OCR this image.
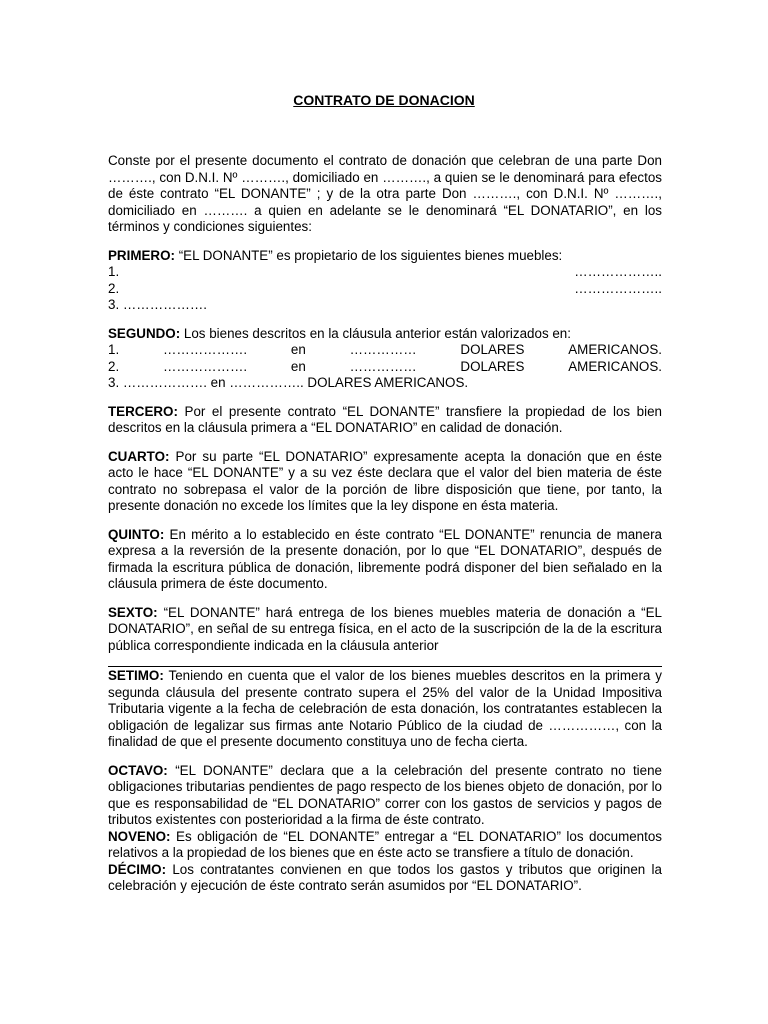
CONTRATO DE DONACION

Conste por el presente documento el contrato de donación que celebran de una parte Don ………., con D.N.I. Nº ………., domiciliado en ………., a quien se le denominará para efectos de éste contrato “EL DONANTE” ; y de la otra parte Don ………., con D.N.I. Nº ………., domiciliado en ………. a quien en adelante se le denominará “EL DONATARIO”, en los términos y condiciones siguientes:

PRIMERO: “EL DONANTE” es propietario de los siguientes bienes muebles:

1.	………………..
2.	………………..
3. ……………….

SEGUNDO: Los bienes descritos en la cláusula anterior están valorizados en:

1.	……………….	en	……………	DOLARES	AMERICANOS.
2.	……………….	en	……………	DOLARES	AMERICANOS.
3. ………………. en …………….. DOLARES AMERICANOS.

TERCERO: Por el presente contrato “EL DONANTE” transfiere la propiedad de los bien descritos en la cláusula primera a “EL DONATARIO” en calidad de donación.

CUARTO: Por su parte “EL DONATARIO” expresamente acepta la donación que en éste acto le hace “EL DONANTE” y a su vez éste declara que el valor del bien materia de éste contrato no sobrepasa el valor de la porción de libre disposición que tiene, por tanto, la presente donación no excede los límites que la ley dispone en ésta materia.

QUINTO: En mérito a lo establecido en éste contrato “EL DONANTE” renuncia de manera expresa a la reversión de la presente donación, por lo que “EL DONATARIO”, después de firmada la escritura pública de donación, libremente podrá disponer del bien señalado en la cláusula primera de éste documento.

SEXTO: “EL DONANTE” hará entrega de los bienes muebles materia de donación a “EL DONATARIO”, en señal de su entrega física, en el acto de la suscripción de la de la escritura pública correspondiente indicada en la cláusula anterior

SETIMO: Teniendo en cuenta que el valor de los bienes muebles descritos en la primera y segunda cláusula del presente contrato supera el 25% del valor de la Unidad Impositiva Tributaria vigente a la fecha de celebración de esta donación, los contratantes establecen la obligación de legalizar sus firmas ante Notario Público de la ciudad de ……………, con la finalidad de que el presente documento constituya uno de fecha cierta.

OCTAVO: “EL DONANTE” declara que a la celebración del presente contrato no tiene obligaciones tributarias pendientes de pago respecto de los bienes objeto de donación, por lo que es responsabilidad de “EL DONATARIO” correr con los gastos de servicios y pagos de tributos existentes con posterioridad a la firma de éste contrato.

NOVENO: Es obligación de “EL DONANTE” entregar a “EL DONATARIO” los documentos relativos a la propiedad de los bienes que en éste acto se transfiere a título de donación.

DÉCIMO: Los contratantes convienen en que todos los gastos y tributos que originen la celebración y ejecución de éste contrato serán asumidos por “EL DONATARIO”.
